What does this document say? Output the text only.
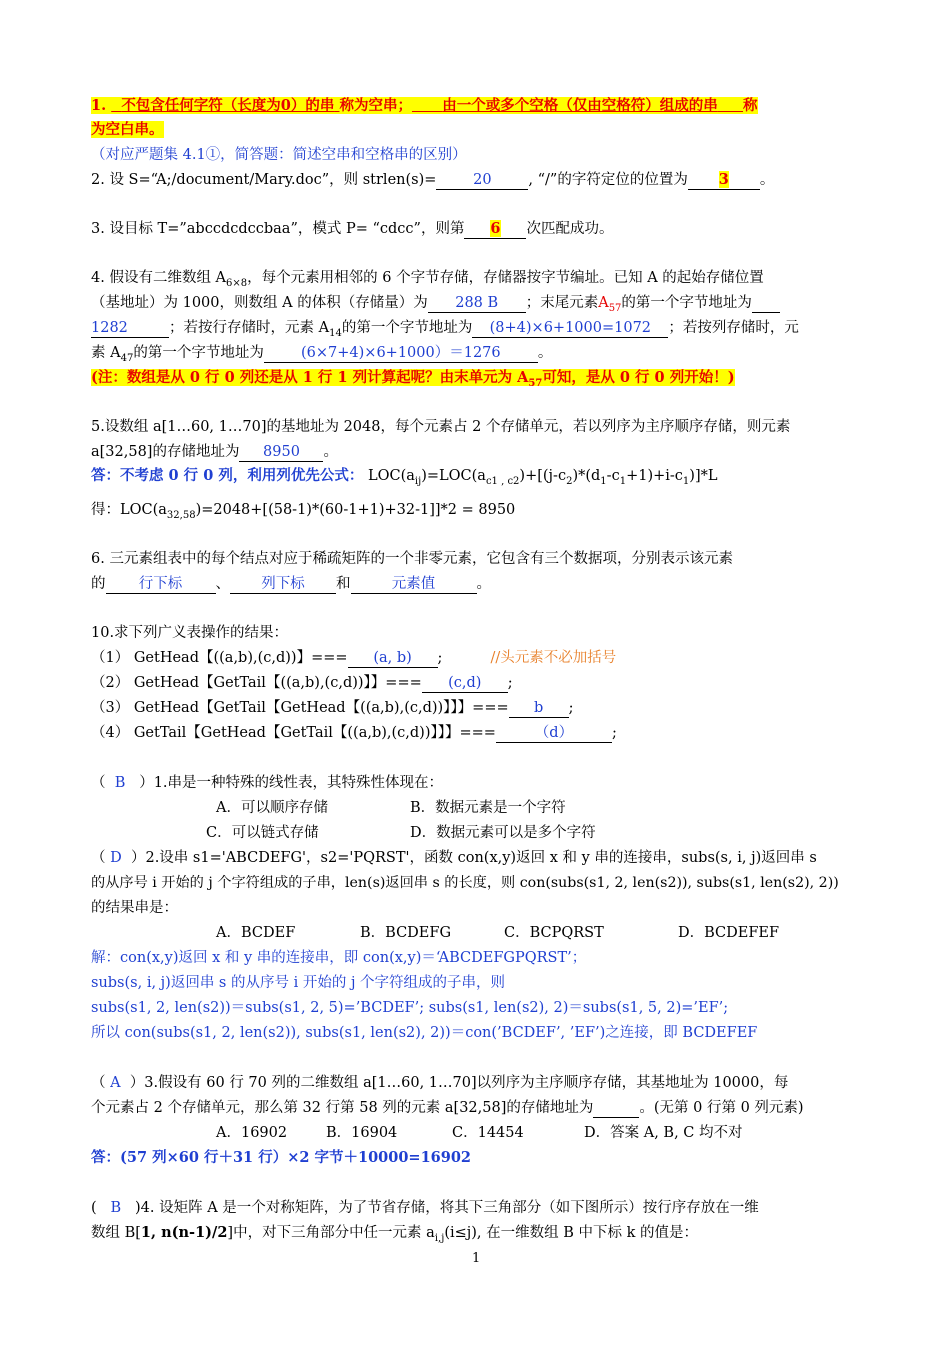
1. 不包含任何字符（长度为0）的串 称为空串； 由一个或多个空格（仅由空格符）组成的串 称
为空白串。
（对应严题集 4.1①，简答题：简述空串和空格串的区别）
2. 设 S=“A;/document/Mary.doc”，则 strlen(s)=	20	, “/”的字符定位的位置为 3 。
3. 设目标 T=”abccdcdccbaa”，模式 P= “cdcc”，则第 6 次匹配成功。
4. 假设有二维数组 $A_{6\times 8}$，每个元素用相邻的 6 个字节存储，存储器按字节编址。已知 A 的起始存储位置
（基地址）为 1000，则数组 A 的体积（存储量）为 288 B ；末尾元素$A_{57}$的第一个字节地址为
1282	；若按行存储时，元素 $A_{14}$的第一个字节地址为 (8+4)×6+1000=1072 ；若按列存储时，元
素 $A_{47}$的第一个字节地址为	(6×7+4)×6+1000）＝1276	。
(注：数组是从 0 行 0 列还是从 1 行 1 列计算起呢？由末单元为 $A_{57}$可知，是从 0 行 0 列开始！)
5.设数组 a[1…60, 1…70]的基地址为 2048，每个元素占 2 个存储单元，若以列序为主序顺序存储，则元素
a[32,58]的存储地址为 8950 。
答：不考虑 0 行 0 列，利用列优先公式： $LOC(a_{ij})=LOC(a_{c1 , c2})+[(j-c_2)*(d_1-c_1+1)+i-c_1)]*L$
得：$LOC(a_{32,58})=2048+[(58-1)*(60-1+1)+32-1]]*2 = 8950$
6. 三元素组表中的每个结点对应于稀疏矩阵的一个非零元素，它包含有三个数据项，分别表示该元素
的 行下标 、 列下标 和	元素值	。
10.求下列广义表操作的结果：
（1） GetHead【((a,b),(c,d))】=== (a, b) ;	//头元素不必加括号
（2） GetHead【GetTail【((a,b),(c,d))】】=== (c,d) ;
（3） GetHead【GetTail【GetHead【((a,b),(c,d))】】】=== b ;
（4） GetTail【GetHead【GetTail【((a,b),(c,d))】】】===	（d）	;
（ B ）1.串是一种特殊的线性表，其特殊性体现在：
A．可以顺序存储	B．数据元素是一个字符
C．可以链式存储	D．数据元素可以是多个字符
（ D ）2.设串 s1='ABCDEFG'，s2='PQRST'，函数 con(x,y)返回 x 和 y 串的连接串，subs(s, i, j)返回串 s
的从序号 i 开始的 j 个字符组成的子串，len(s)返回串 s 的长度，则 con(subs(s1, 2, len(s2)), subs(s1, len(s2), 2))
的结果串是：
A．BCDEF	B．BCDEFG	C．BCPQRST	D．BCDEFEF
解：con(x,y)返回 x 和 y 串的连接串，即 con(x,y)＝‘ABCDEFGPQRST’；
subs(s, i, j)返回串 s 的从序号 i 开始的 j 个字符组成的子串，则
subs(s1, 2, len(s2))＝subs(s1, 2, 5)=’BCDEF’; subs(s1, len(s2), 2)＝subs(s1, 5, 2)=’EF’;
所以 con(subs(s1, 2, len(s2)), subs(s1, len(s2), 2))＝con(’BCDEF’, ’EF’)之连接，即 BCDEFEF
（ A ）3.假设有 60 行 70 列的二维数组 a[1…60, 1…70]以列序为主序顺序存储，其基地址为 10000，每
个元素占 2 个存储单元，那么第 32 行第 58 列的元素 a[32,58]的存储地址为	。(无第 0 行第 0 列元素)
A．16902	B．16904	C．14454	D．答案 A, B, C 均不对
答：(57 列×60 行＋31 行）×2 字节＋10000=16902
( B )4. 设矩阵 A 是一个对称矩阵，为了节省存储，将其下三角部分（如下图所示）按行序存放在一维
数组 B[1, n(n-1)/2]中，对下三角部分中任一元素 $a_{i,j}(i\le j)$, 在一维数组 B 中下标 k 的值是：
1
